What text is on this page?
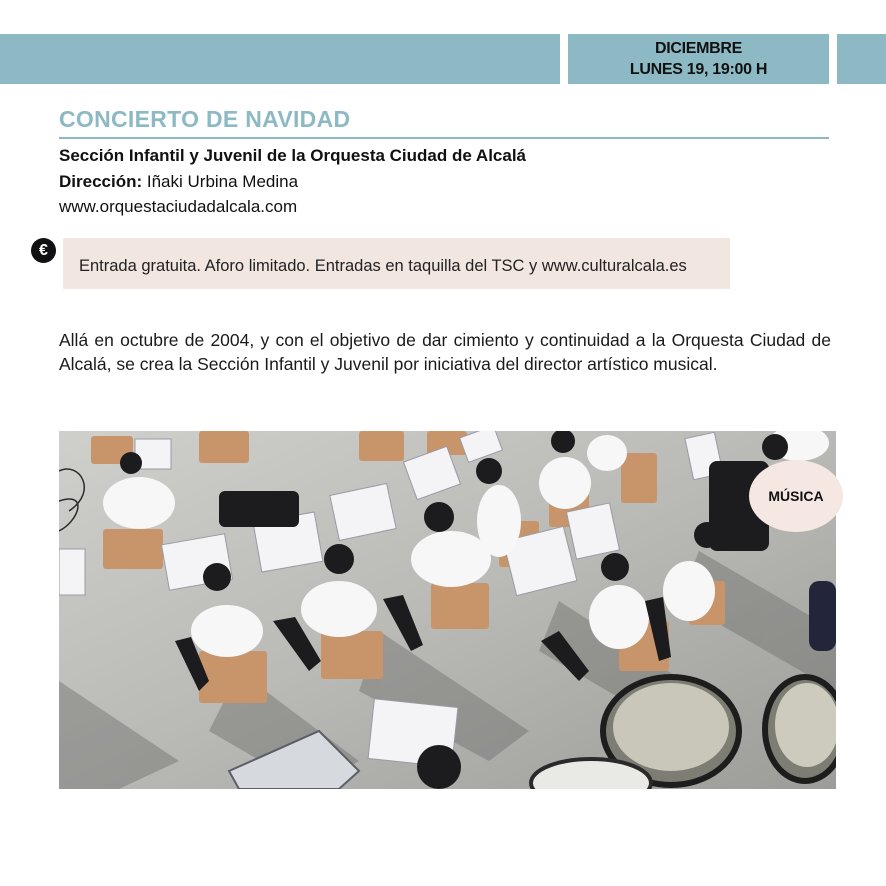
DICIEMBRE
LUNES 19, 19:00 H
CONCIERTO DE NAVIDAD
Sección Infantil y Juvenil de la Orquesta Ciudad de Alcalá
Dirección: Iñaki Urbina Medina
www.orquestaciudadalcala.com
Entrada gratuita. Aforo limitado. Entradas en taquilla del TSC y www.culturalcala.es
€
Allá en octubre de 2004, y con el objetivo de dar cimiento y continuidad a la Orquesta Ciudad de Alcalá, se crea la Sección Infantil y Juvenil por iniciativa del director artístico musical.
MÚSICA
